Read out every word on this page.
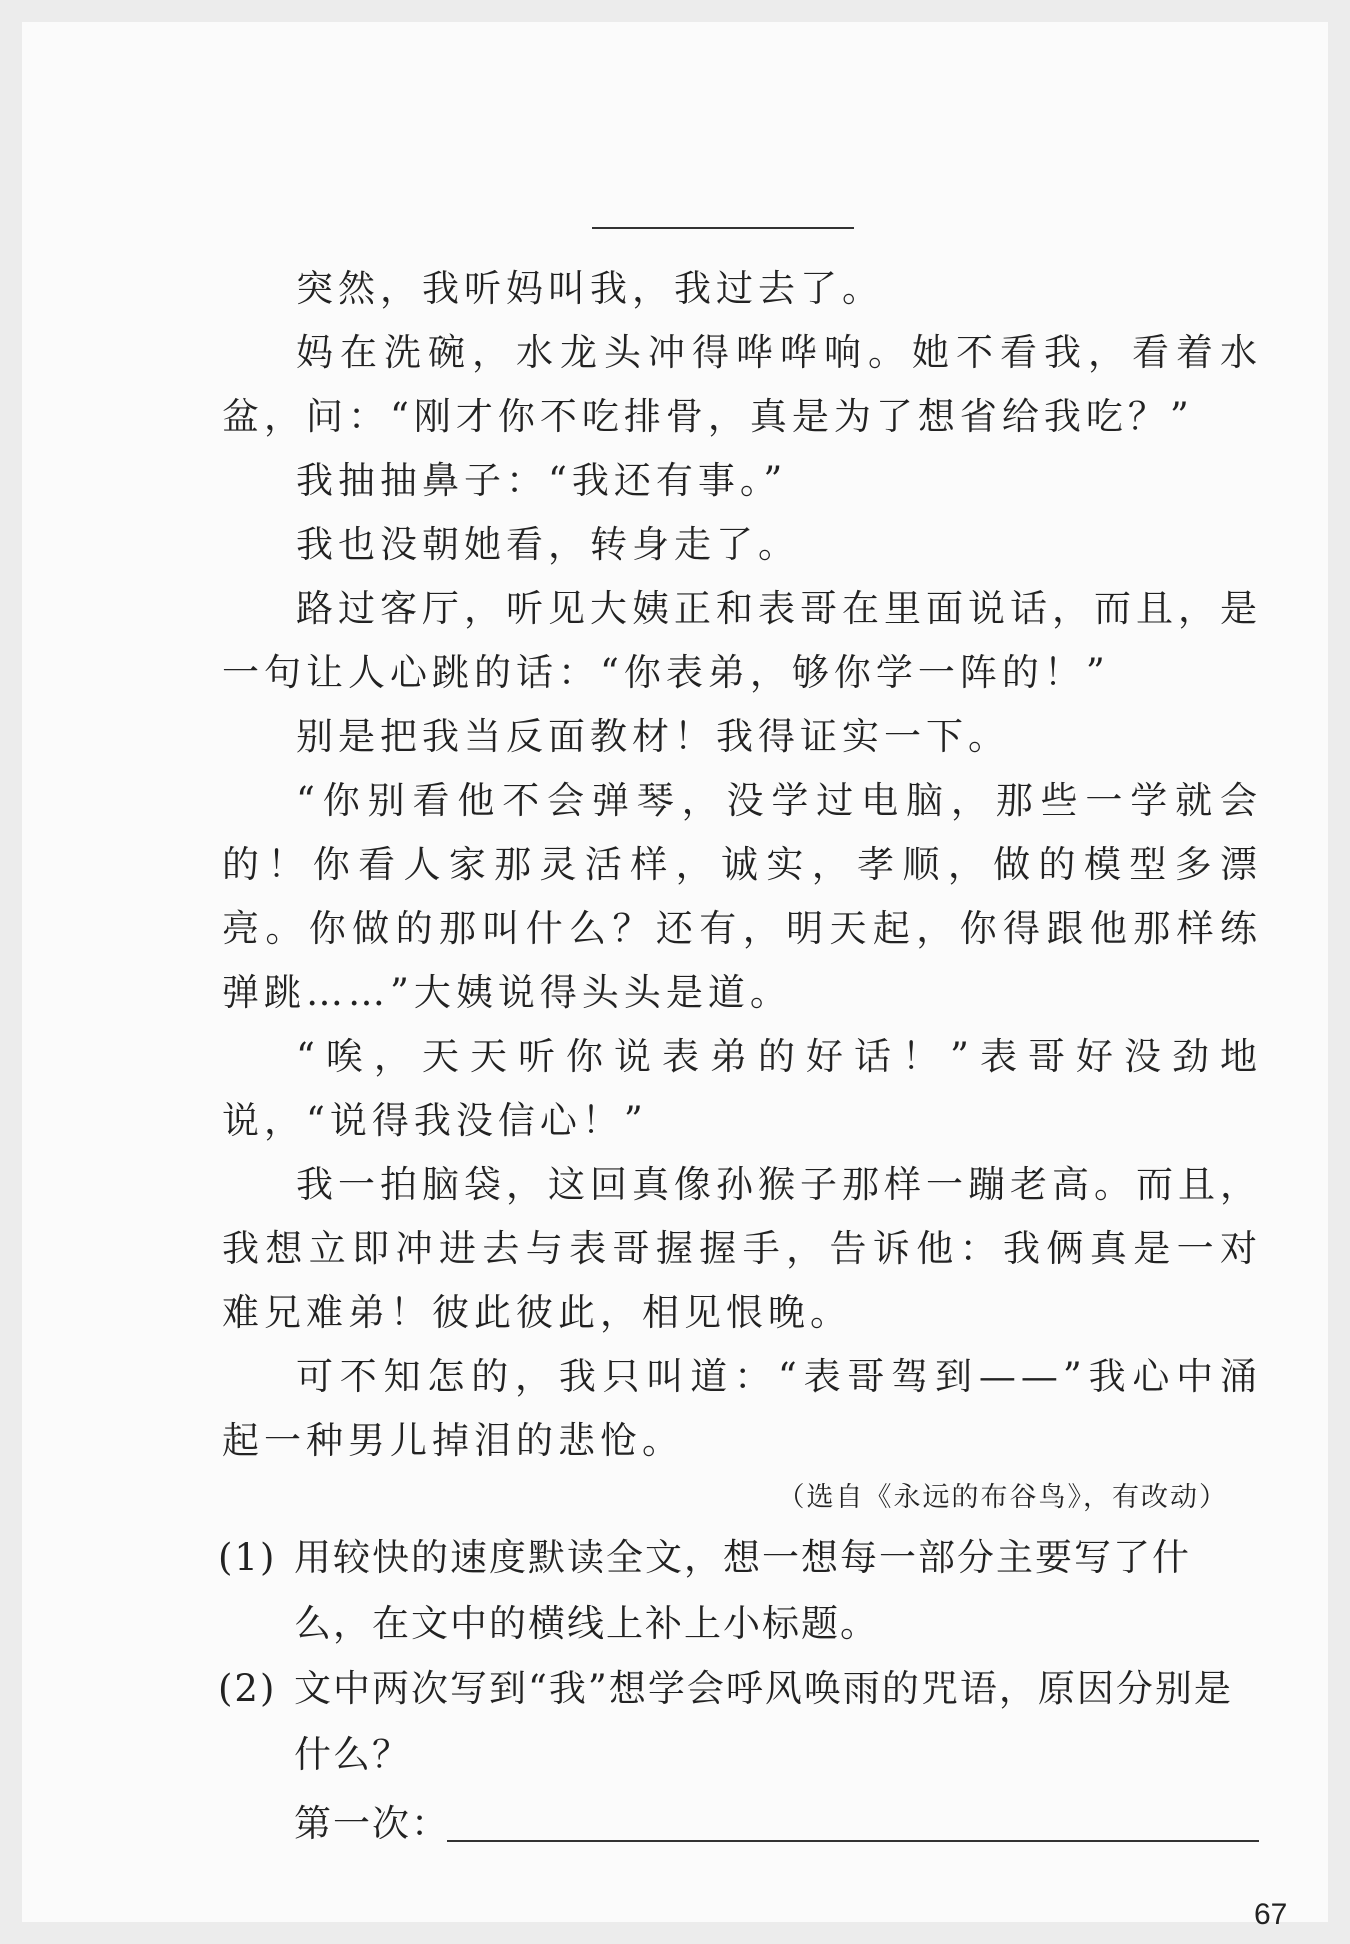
突然，我听妈叫我，我过去了。

妈在洗碗，水龙头冲得哗哗响。她不看我，看着水盆，问：“刚才你不吃排骨，真是为了想省给我吃？”

我抽抽鼻子：“我还有事。”

我也没朝她看，转身走了。

路过客厅，听见大姨正和表哥在里面说话，而且，是一句让人心跳的话：“你表弟，够你学一阵的！”

别是把我当反面教材！我得证实一下。

“你别看他不会弹琴，没学过电脑，那些一学就会的！你看人家那灵活样，诚实，孝顺，做的模型多漂亮。你做的那叫什么？还有，明天起，你得跟他那样练弹跳……”大姨说得头头是道。

“唉，天天听你说表弟的好话！”表哥好没劲地说，“说得我没信心！”

我一拍脑袋，这回真像孙猴子那样一蹦老高。而且，我想立即冲进去与表哥握握手，告诉他：我俩真是一对难兄难弟！彼此彼此，相见恨晚。

可不知怎的，我只叫道：“表哥驾到——”我心中涌起一种男儿掉泪的悲怆。

（选自《永远的布谷鸟》，有改动）
(1) 用较快的速度默读全文，想一想每一部分主要写了什么，在文中的横线上补上小标题。
(2) 文中两次写到“我”想学会呼风唤雨的咒语，原因分别是什么？
第一次：
67
